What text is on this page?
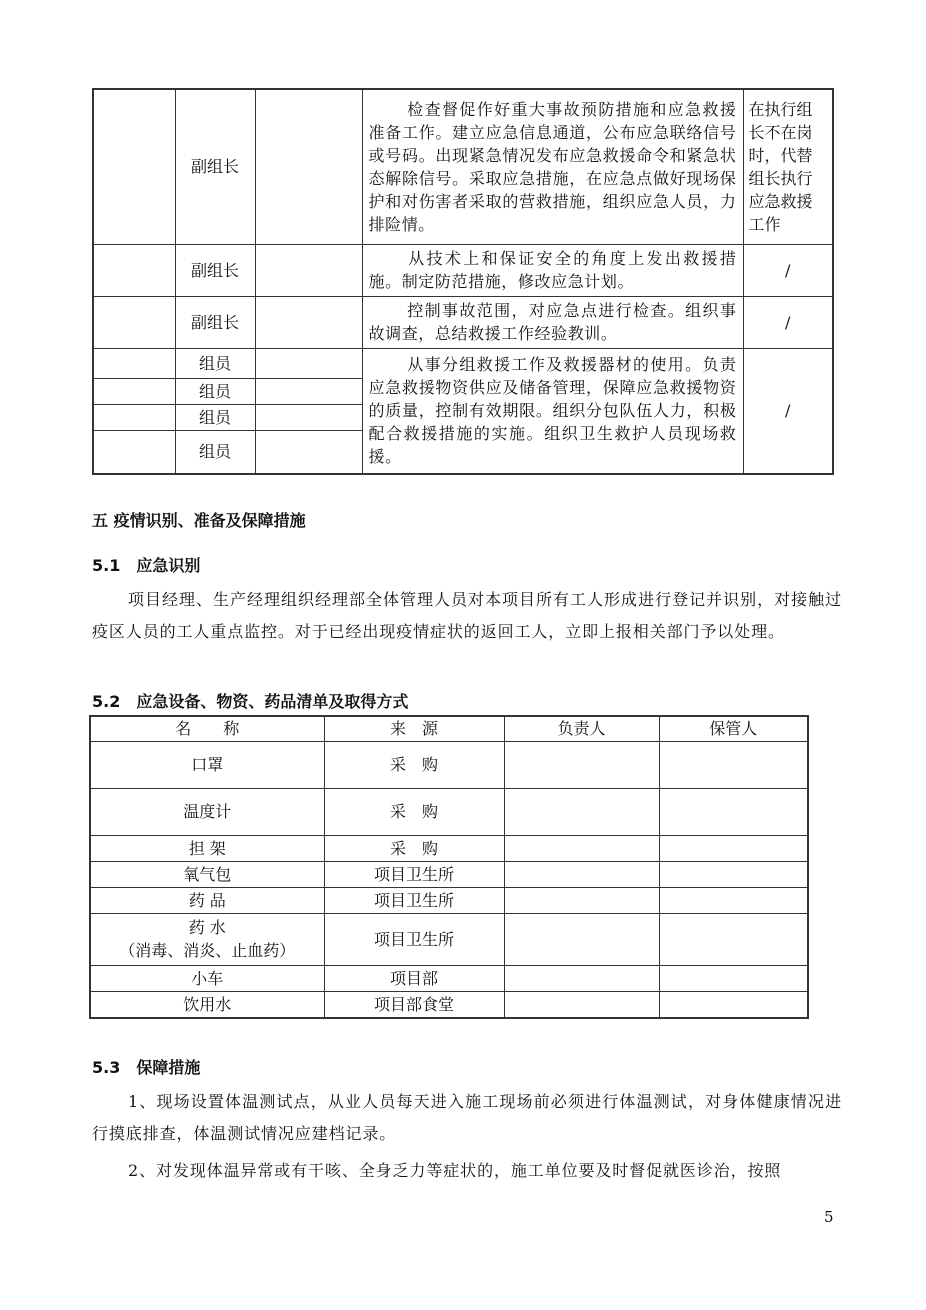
	副组长		检查督促作好重大事故预防措施和应急救援准备工作。建立应急信息通道，公布应急联络信号或号码。出现紧急情况发布应急救援命令和紧急状态解除信号。采取应急措施，在应急点做好现场保护和对伤害者采取的营救措施，组织应急人员，力排险情。	在执行组长不在岗时，代替组长执行应急救援工作
	副组长		从技术上和保证安全的角度上发出救援措施。制定防范措施，修改应急计划。	/
	副组长		控制事故范围，对应急点进行检查。组织事故调查，总结救援工作经验教训。	/
	组员		从事分组救援工作及救援器材的使用。负责应急救援物资供应及储备管理，保障应急救援物资的质量，控制有效期限。组织分包队伍人力，积极配合救援措施的实施。组织卫生救护人员现场救援。	/
	组员			
	组员			
	组员			
五 疫情识别、准备及保障措施
5.1 应急识别
项目经理、生产经理组织经理部全体管理人员对本项目所有工人形成进行登记并识别，对接触过疫区人员的工人重点监控。对于已经出现疫情症状的返回工人，立即上报相关部门予以处理。
5.2 应急设备、物资、药品清单及取得方式
名　　称	来　源	负责人	保管人
口罩	采　购		
温度计	采　购		
担 架	采　购		
氧气包	项目卫生所		
药 品	项目卫生所		

药 水
（消毒、消炎、止血药）	项目卫生所		
小车	项目部		
饮用水	项目部食堂		
5.3 保障措施
1、现场设置体温测试点，从业人员每天进入施工现场前必须进行体温测试，对身体健康情况进行摸底排查，体温测试情况应建档记录。
2、对发现体温异常或有干咳、全身乏力等症状的，施工单位要及时督促就医诊治，按照
5
